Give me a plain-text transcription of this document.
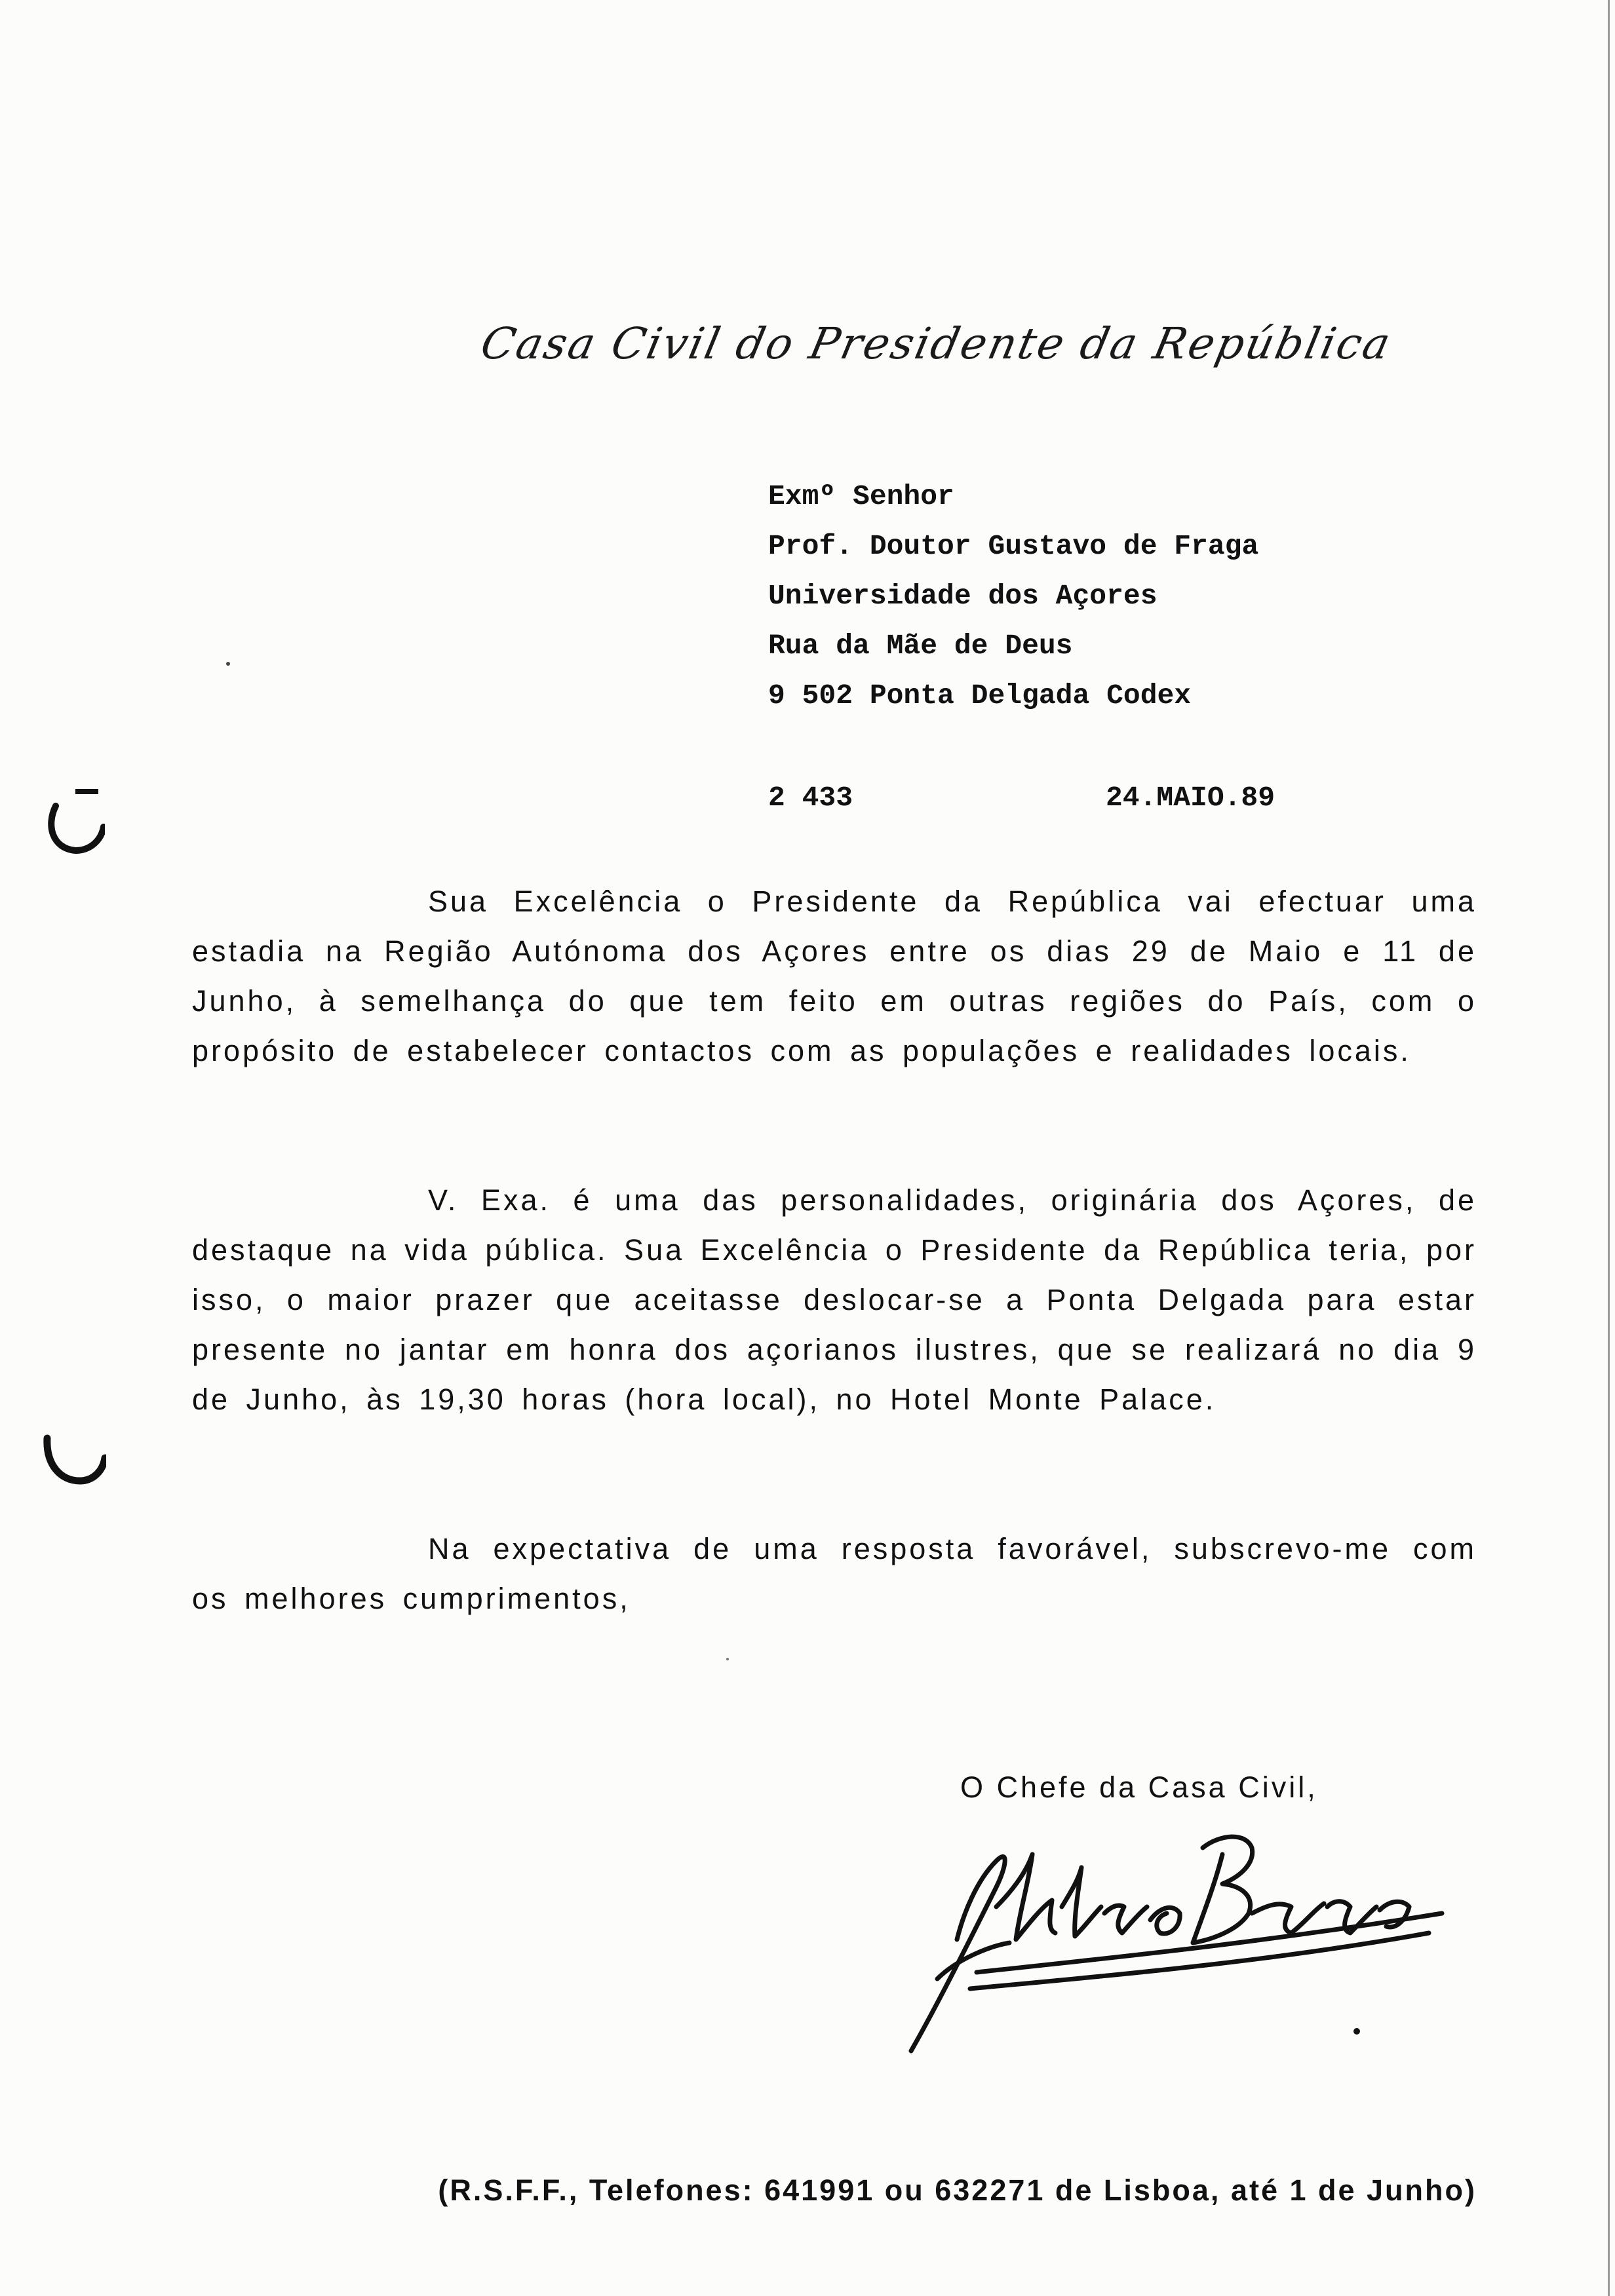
Casa Civil do Presidente da República
Exmº Senhor
Prof. Doutor Gustavo de Fraga
Universidade dos Açores
Rua da Mãe de Deus
9 502 Ponta Delgada Codex
2 433	24.MAIO.89
Sua Excelência o Presidente da República vai efectuar uma estadia na Região Autónoma dos Açores entre os dias 29 de Maio e 11 de Junho, à semelhança do que tem feito em outras regiões do País, com o propósito de estabelecer contactos com as populações e realidades locais.
V. Exa. é uma das personalidades, originária dos Açores, de destaque na vida pública. Sua Excelência o Presidente da República teria, por isso, o maior prazer que aceitasse deslocar-se a Ponta Delgada para estar presente no jantar em honra dos açorianos ilustres, que se realizará no dia 9 de Junho, às 19,30 horas (hora local), no Hotel Monte Palace.
Na expectativa de uma resposta favorável, subscrevo-me com os melhores cumprimentos,
O Chefe da Casa Civil,
(R.S.F.F., Telefones: 641991 ou 632271 de Lisboa, até 1 de Junho)
